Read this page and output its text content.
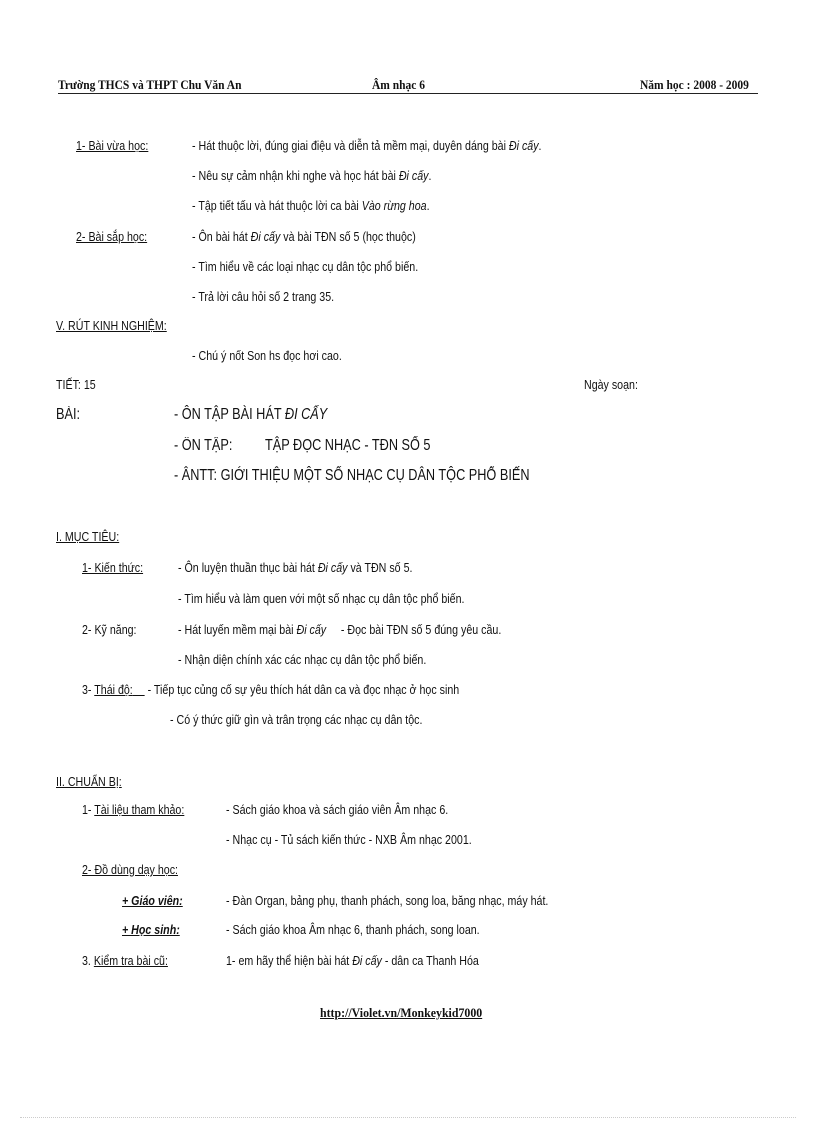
Trường THCS và THPT Chu Văn An	Âm nhạc 6	Năm học : 2008 - 2009
1- Bài vừa học:	- Hát thuộc lời, đúng giai điệu và diễn tả mềm mại, duyên dáng bài Đi cấy.
- Nêu sự cảm nhận khi nghe và học hát bài Đi cấy.
- Tập tiết tấu và hát thuộc lời ca bài Vào rừng hoa.
2- Bài sắp học:	- Ôn bài hát Đi cấy và bài TĐN số 5 (học thuộc)
- Tìm hiểu về các loại nhạc cụ dân tộc phổ biến.
- Trả lời câu hỏi số 2 trang 35.
V. RÚT KINH NGHIỆM:
- Chú ý nốt Son hs đọc hơi cao.
TIẾT: 15	Ngày soạn:
BÀI:	- ÔN TẬP BÀI HÁT ĐI CẤY
- ÔN TẬP: TẬP ĐỌC NHẠC - TĐN SỐ 5
- ÂNTT: GIỚI THIỆU MỘT SỐ NHẠC CỤ DÂN TỘC PHỔ BIẾN
I. MỤC TIÊU:
1- Kiến thức:	- Ôn luyện thuần thục bài hát Đi cấy và TĐN số 5.
- Tìm hiểu và làm quen với một số nhạc cụ dân tộc phổ biến.
2- Kỹ năng:	- Hát luyến mềm mại bài Đi cấy     - Đọc bài TĐN số 5 đúng yêu cầu.
- Nhận diện chính xác các nhạc cụ dân tộc phổ biến.
3- Thái độ:     - Tiếp tục củng cố sự yêu thích hát dân ca và đọc nhạc ở học sinh
- Có ý thức giữ gìn và trân trọng các nhạc cụ dân tộc.
II. CHUẨN BỊ:
1- Tài liệu tham khảo:	- Sách giáo khoa và sách giáo viên Âm nhạc 6.
- Nhạc cụ - Tủ sách kiến thức - NXB Âm nhạc 2001.
2- Đồ dùng dạy học:
+ Giáo viên:	- Đàn Organ, bảng phụ, thanh phách, song loa, băng nhạc, máy hát.
+ Học sinh:	- Sách giáo khoa Âm nhạc 6, thanh phách, song loan.
3. Kiểm tra bài cũ:	1- em hãy thể hiện bài hát Đi cấy - dân ca Thanh Hóa
http://Violet.vn/Monkeykid7000
